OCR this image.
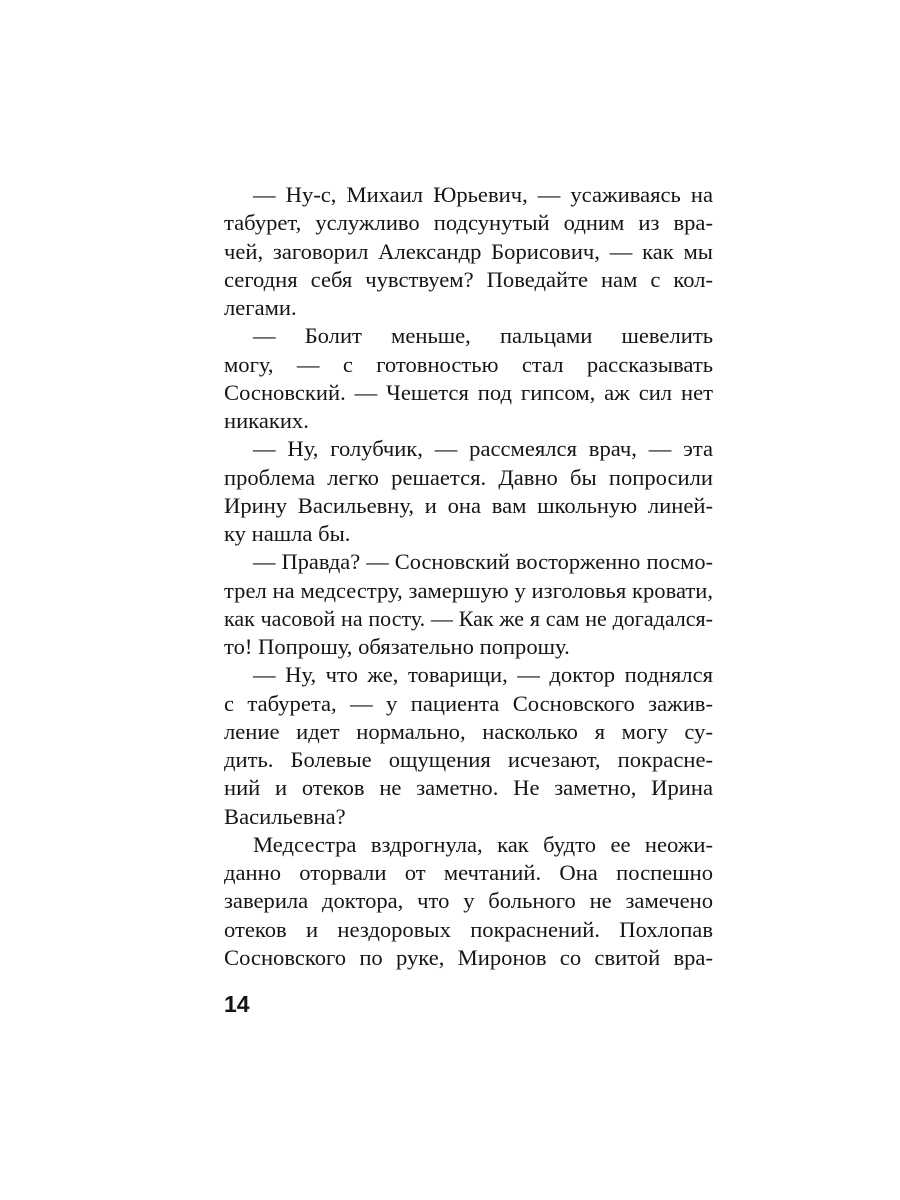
— Ну-с, Михаил Юрьевич, — усаживаясь на
табурет, услужливо подсунутый одним из вра-
чей, заговорил Александр Борисович, — как мы
сегодня себя чувствуем? Поведайте нам с кол-
легами.
— Болит меньше, пальцами шевелить
могу, — с готовностью стал рассказывать
Сосновский. — Чешется под гипсом, аж сил нет
никаких.
— Ну, голубчик, — рассмеялся врач, — эта
проблема легко решается. Давно бы попросили
Ирину Васильевну, и она вам школьную линей-
ку нашла бы.
— Правда? — Сосновский восторженно посмо-
трел на медсестру, замершую у изголовья кровати,
как часовой на посту. — Как же я сам не догадался-
то! Попрошу, обязательно попрошу.
— Ну, что же, товарищи, — доктор поднялся
с табурета, — у пациента Сосновского зажив-
ление идет нормально, насколько я могу су-
дить. Болевые ощущения исчезают, покрасне-
ний и отеков не заметно. Не заметно, Ирина
Васильевна?
Медсестра вздрогнула, как будто ее неожи-
данно оторвали от мечтаний. Она поспешно
заверила доктора, что у больного не замечено
отеков и нездоровых покраснений. Похлопав
Сосновского по руке, Миронов со свитой вра-
14
